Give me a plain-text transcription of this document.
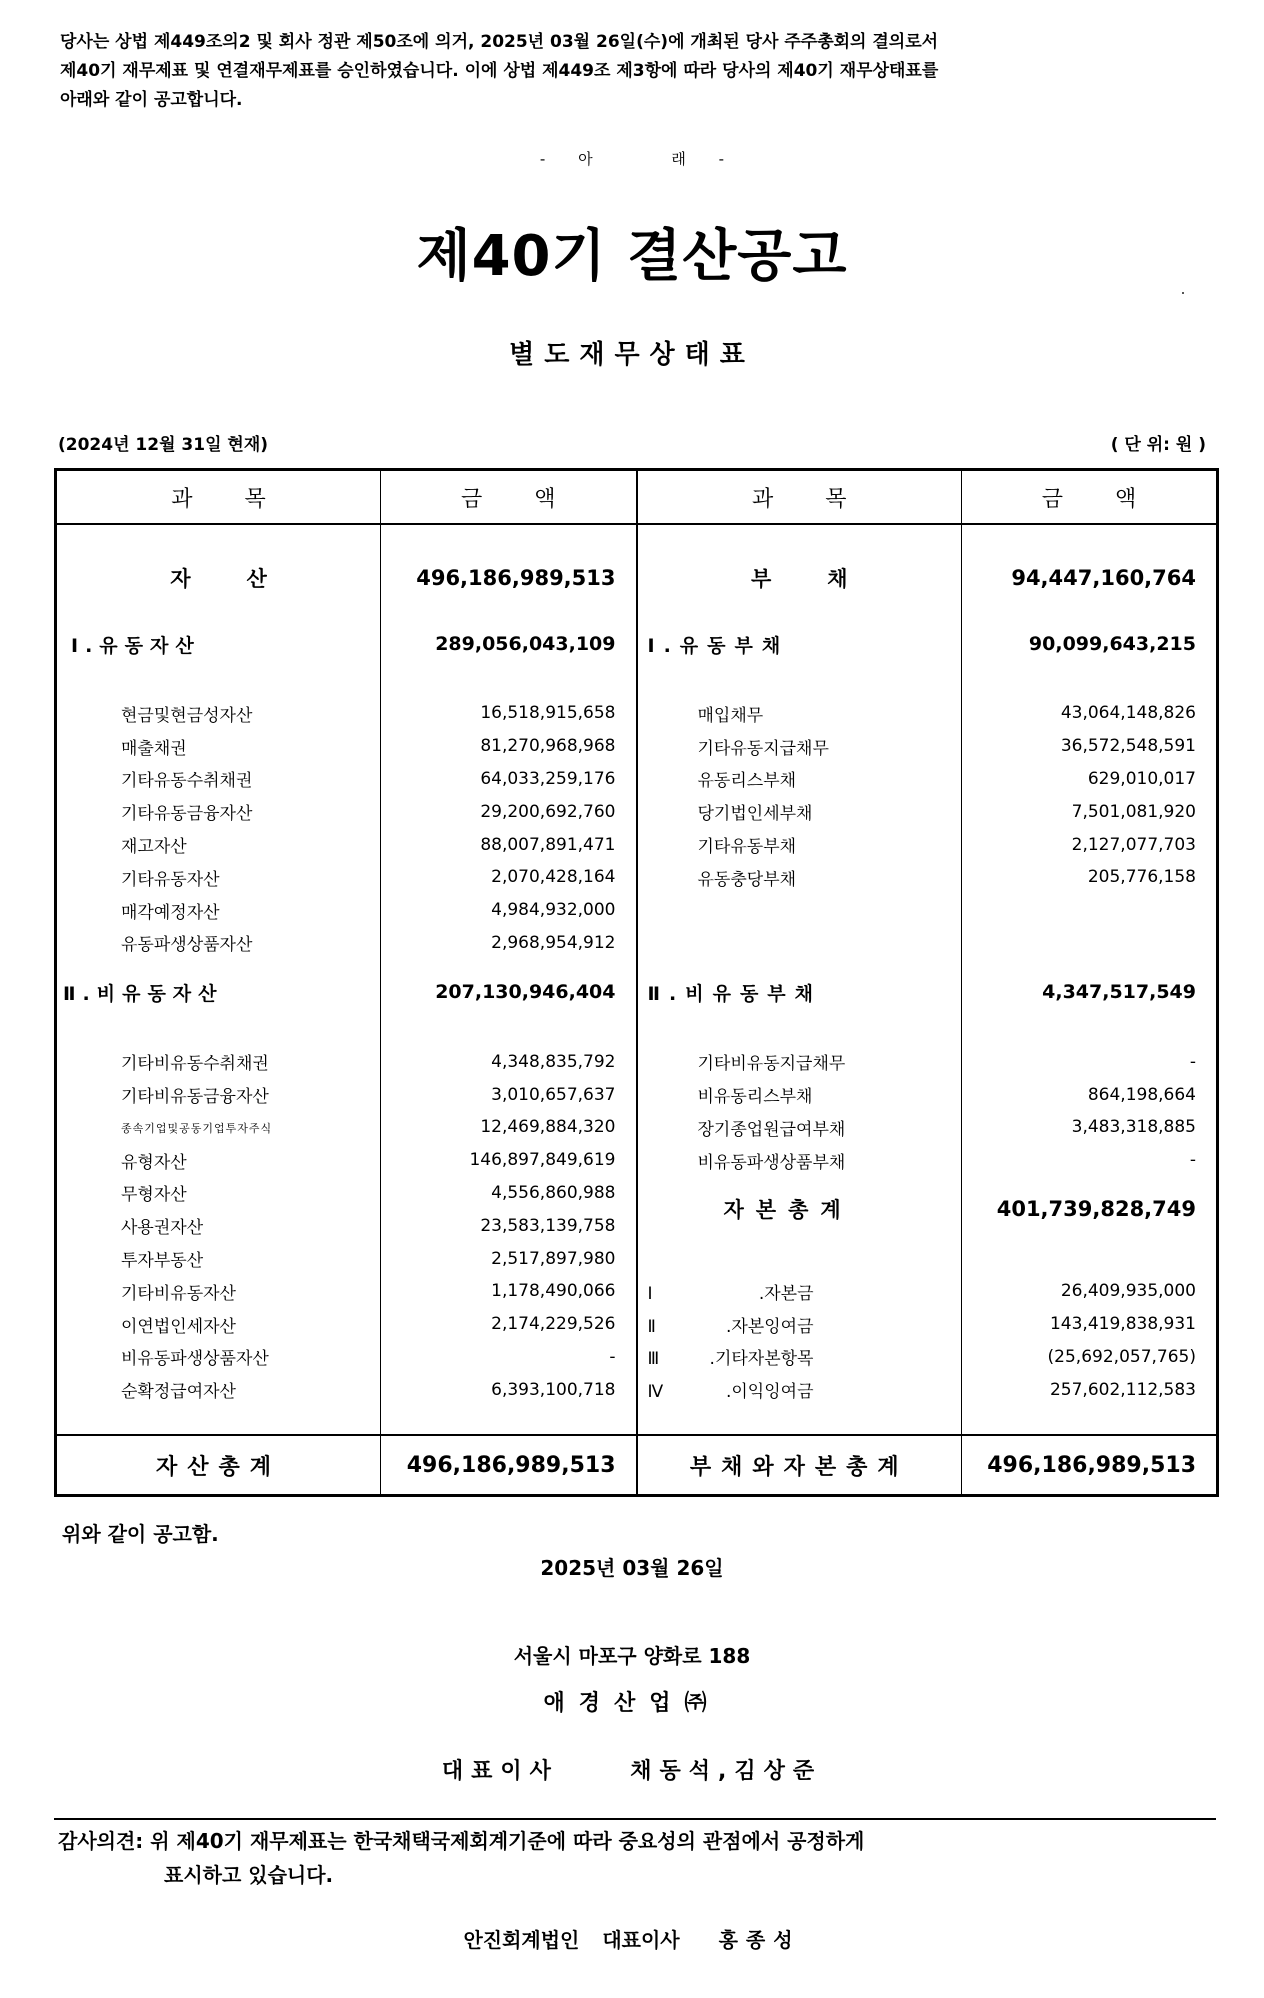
당사는 상법 제449조의2 및 회사 정관 제50조에 의거, 2025년 03월 26일(수)에 개최된 당사 주주총회의 결의로서
제40기 재무제표 및 연결재무제표를 승인하였습니다. 이에 상법 제449조 제3항에 따라 당사의 제40기 재무상태표를
아래와 같이 공고합니다.
- 아	래 -
제40기 결산공고
별도재무상태표
(2024년 12월 31일 현재)	( 단 위: 원 )
과목	금액	과목	금액

자산	496,186,989,513	부채	94,447,160,764
Ⅰ.유동자산	289,056,043,109	Ⅰ.유동부채	90,099,643,215

현금및현금성자산	16,518,915,658	매입채무	43,064,148,826
매출채권	81,270,968,968	기타유동지급채무	36,572,548,591
기타유동수취채권	64,033,259,176	유동리스부채	629,010,017
기타유동금융자산	29,200,692,760	당기법인세부채	7,501,081,920
재고자산	88,007,891,471	기타유동부채	2,127,077,703
기타유동자산	2,070,428,164	유동충당부채	205,776,158
매각예정자산	4,984,932,000		
유동파생상품자산	2,968,954,912		
Ⅱ.비유동자산	207,130,946,404	Ⅱ.비유동부채	4,347,517,549

기타비유동수취채권	4,348,835,792	기타비유동지급채무	-
기타비유동금융자산	3,010,657,637	비유동리스부채	864,198,664
종속기업및공동기업투자주식	12,469,884,320	장기종업원급여부채	3,483,318,885
유형자산	146,897,849,619	비유동파생상품부채	-
무형자산	4,556,860,988	자본총계	401,739,828,749
사용권자산	23,583,139,758		
투자부동산	2,517,897,980		
기타비유동자산	1,178,490,066	Ⅰ.자본금	26,409,935,000
이연법인세자산	2,174,229,526	Ⅱ.자본잉여금	143,419,838,931
비유동파생상품자산	-	Ⅲ.기타자본항목	(25,692,057,765)
순확정급여자산	6,393,100,718	Ⅳ.이익잉여금	257,602,112,583

자산총계	496,186,989,513	부채와자본총계	496,186,989,513
위와 같이 공고함.
2025년 03월 26일
서울시 마포구 양화로 188
애경산업㈜
대표이사	채동석,김상준
감사의견: 위 제40기 재무제표는 한국채택국제회계기준에 따라 중요성의 관점에서 공정하게
표시하고 있습니다.
안진회계법인 대표이사 홍종성
